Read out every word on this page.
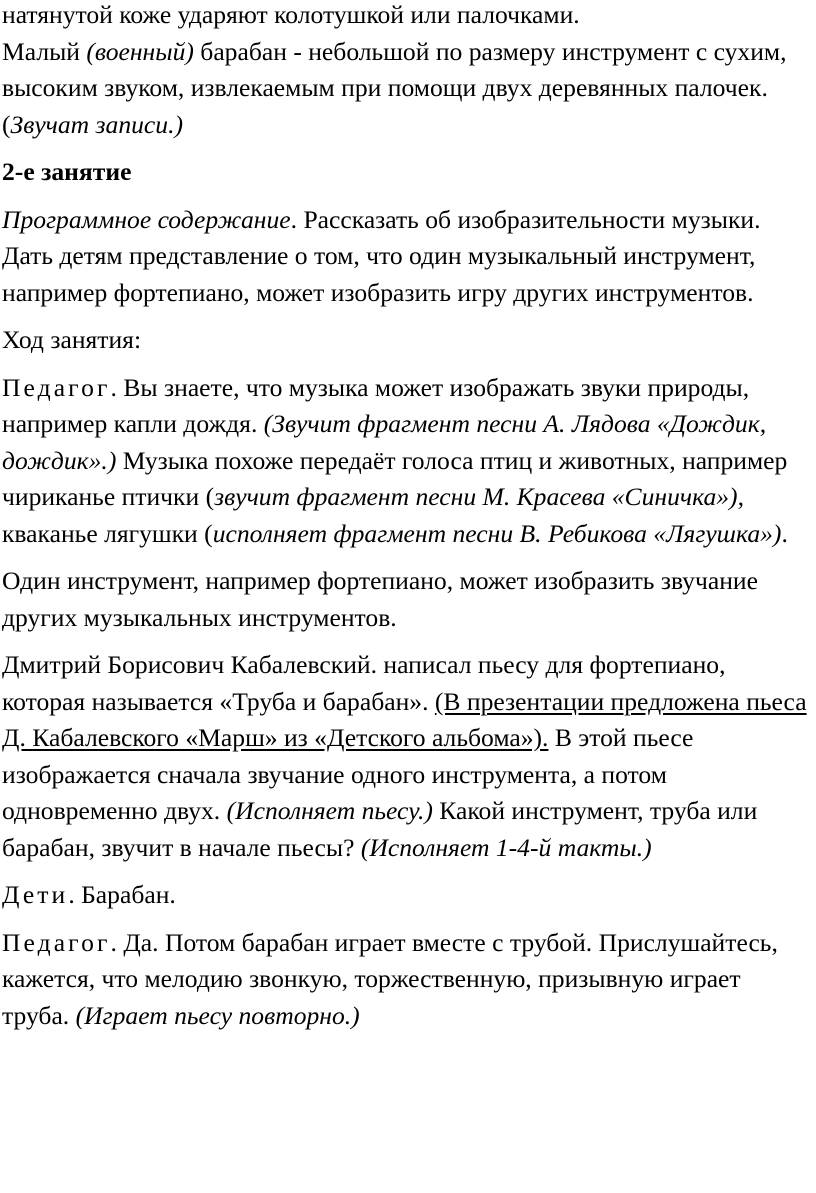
натянутой коже ударяют колотушкой или палочками.
Малый (военный) барабан - небольшой по размеру инструмент с сухим, высоким звуком, извлекаемым при помощи двух деревянных палочек. (Звучат записи.)

2-е занятие

Программное содержание. Рассказать об изобразительности музыки. Дать детям представление о том, что один музыкальный инструмент, например фортепиано, может изобразить игру других инструментов.

Ход занятия:

Педагог. Вы знаете, что музыка может изображать звуки природы, например капли дождя. (Звучит фрагмент песни А. Лядова «Дождик, дождик».) Музыка похоже передаёт голоса птиц и животных, например чириканье птички (звучит фрагмент песни М. Красева «Синичка»), кваканье лягушки (исполняет фрагмент песни В. Ребикова «Лягушка»).

Один инструмент, например фортепиано, может изобразить звучание других музыкальных инструментов.

Дмитрий Борисович Кабалевский. написал пьесу для фортепиано, которая называется «Труба и барабан». (В презентации предложена пьеса Д. Кабалевского «Марш» из «Детского альбома»). В этой пьесе изображается сначала звучание одного инструмента, а потом одновременно двух. (Исполняет пьесу.) Какой инструмент, труба или барабан, звучит в начале пьесы? (Исполняет 1-4-й такты.)

Дети. Барабан.

Педагог. Да. Потом барабан играет вместе с трубой. Прислушайтесь, кажется, что мелодию звонкую, торжественную, призывную играет труба. (Играет пьесу повторно.)
